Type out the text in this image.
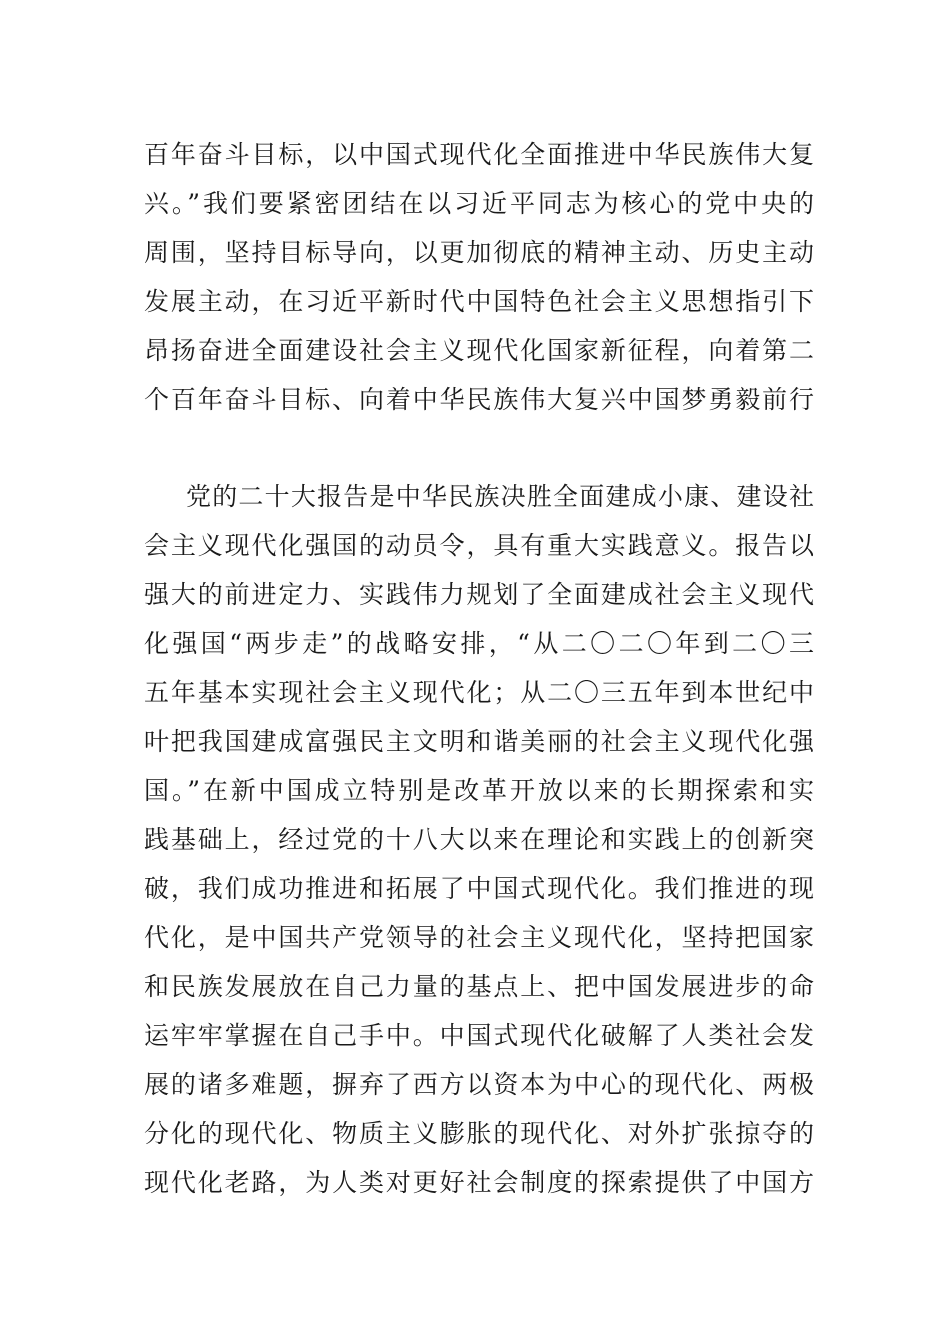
百年奋斗目标，以中国式现代化全面推进中华民族伟大复
兴。”我们要紧密团结在以习近平同志为核心的党中央的
周围，坚持目标导向，以更加彻底的精神主动、历史主动
发展主动，在习近平新时代中国特色社会主义思想指引下
昂扬奋进全面建设社会主义现代化国家新征程，向着第二
个百年奋斗目标、向着中华民族伟大复兴中国梦勇毅前行
党的二十大报告是中华民族决胜全面建成小康、建设社
会主义现代化强国的动员令，具有重大实践意义。报告以
强大的前进定力、实践伟力规划了全面建成社会主义现代
化强国“两步走”的战略安排，“从二〇二〇年到二〇三
五年基本实现社会主义现代化；从二〇三五年到本世纪中
叶把我国建成富强民主文明和谐美丽的社会主义现代化强
国。”在新中国成立特别是改革开放以来的长期探索和实
践基础上，经过党的十八大以来在理论和实践上的创新突
破，我们成功推进和拓展了中国式现代化。我们推进的现
代化，是中国共产党领导的社会主义现代化，坚持把国家
和民族发展放在自己力量的基点上、把中国发展进步的命
运牢牢掌握在自己手中。中国式现代化破解了人类社会发
展的诸多难题，摒弃了西方以资本为中心的现代化、两极
分化的现代化、物质主义膨胀的现代化、对外扩张掠夺的
现代化老路，为人类对更好社会制度的探索提供了中国方
